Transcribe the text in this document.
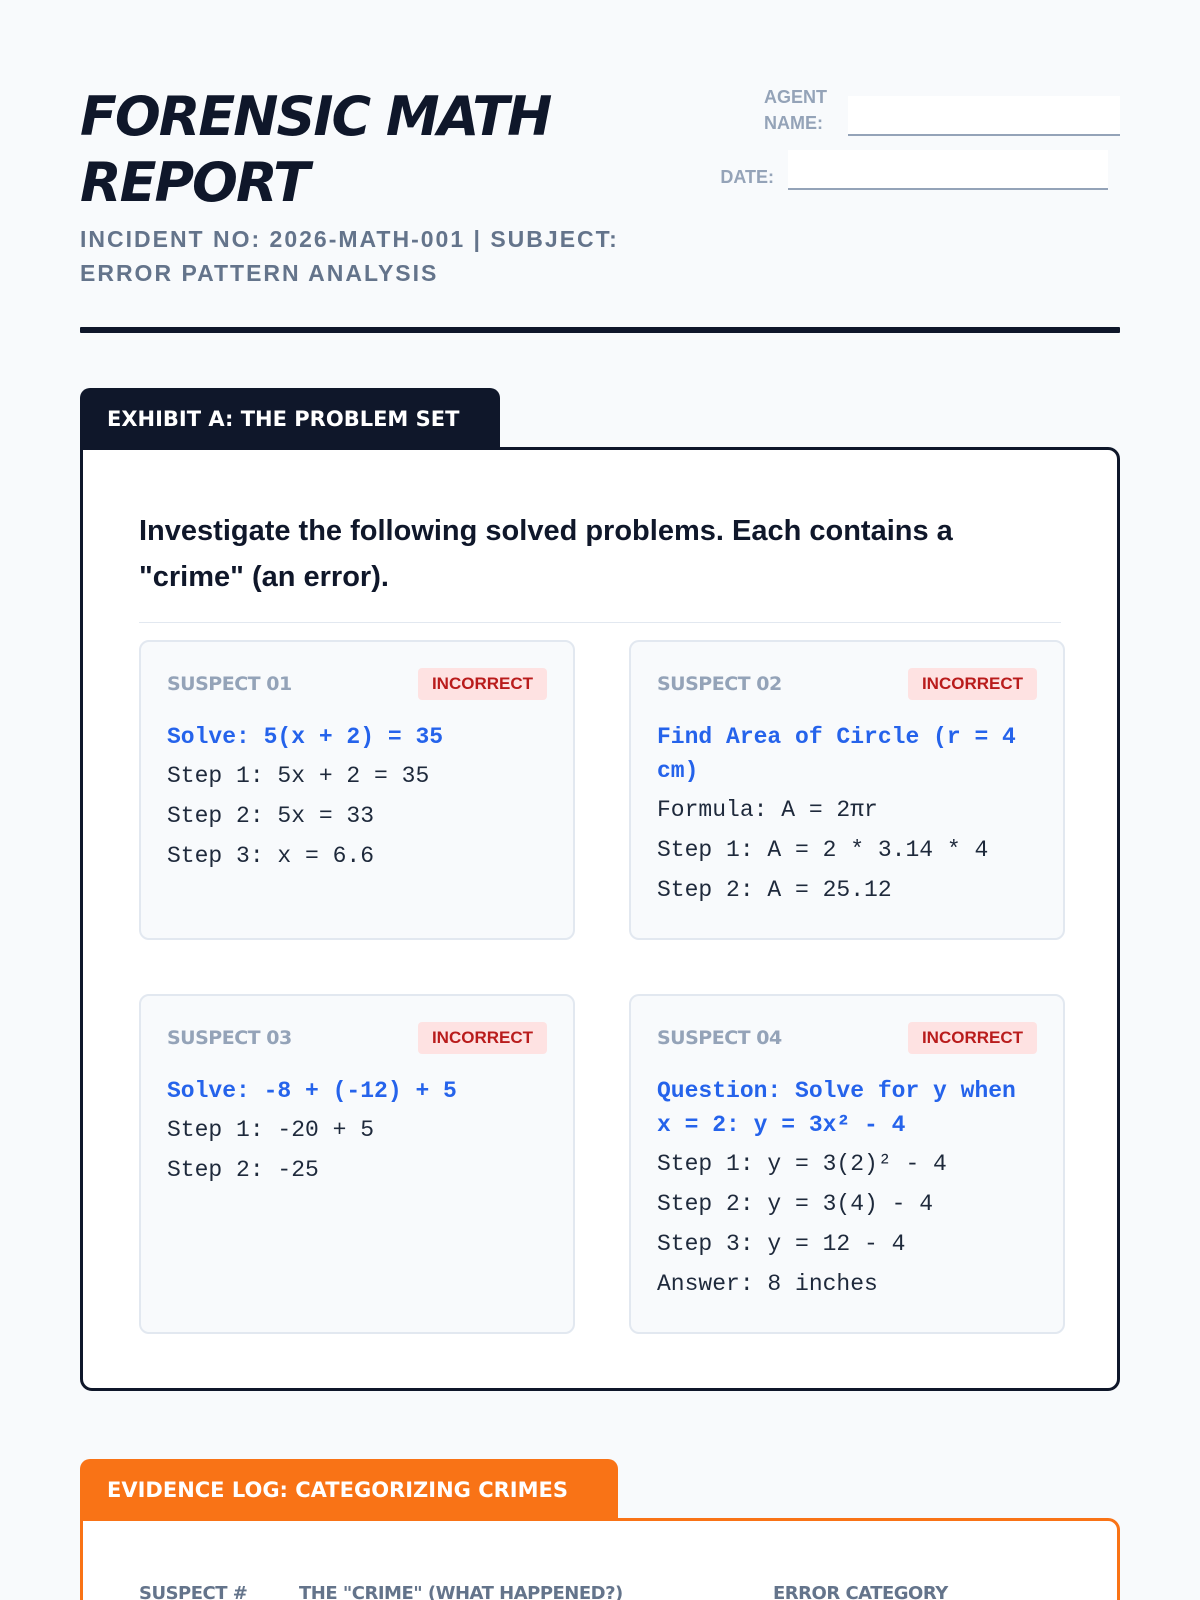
FORENSIC MATH REPORT
INCIDENT NO: 2026-MATH-001 | SUBJECT: ERROR PATTERN ANALYSIS
AGENT NAME:
DATE:
EXHIBIT A: THE PROBLEM SET

Investigate the following solved problems. Each contains a "crime" (an error).

SUSPECT 01	INCORRECT
Solve: 5(x + 2) = 35
Step 1: 5x + 2 = 35
Step 2: 5x = 33
Step 3: x = 6.6
SUSPECT 02	INCORRECT
Find Area of Circle (r = 4 cm)
Formula: A = 2πr
Step 1: A = 2 * 3.14 * 4
Step 2: A = 25.12
SUSPECT 03	INCORRECT
Solve: -8 + (-12) + 5
Step 1: -20 + 5
Step 2: -25
SUSPECT 04	INCORRECT
Question: Solve for y when x = 2: y = 3x² - 4
Step 1: y = 3(2)² - 4
Step 2: y = 3(4) - 4
Step 3: y = 12 - 4
Answer: 8 inches
EVIDENCE LOG: CATEGORIZING CRIMES
SUSPECT #	THE "CRIME" (WHAT HAPPENED?)	ERROR CATEGORY
